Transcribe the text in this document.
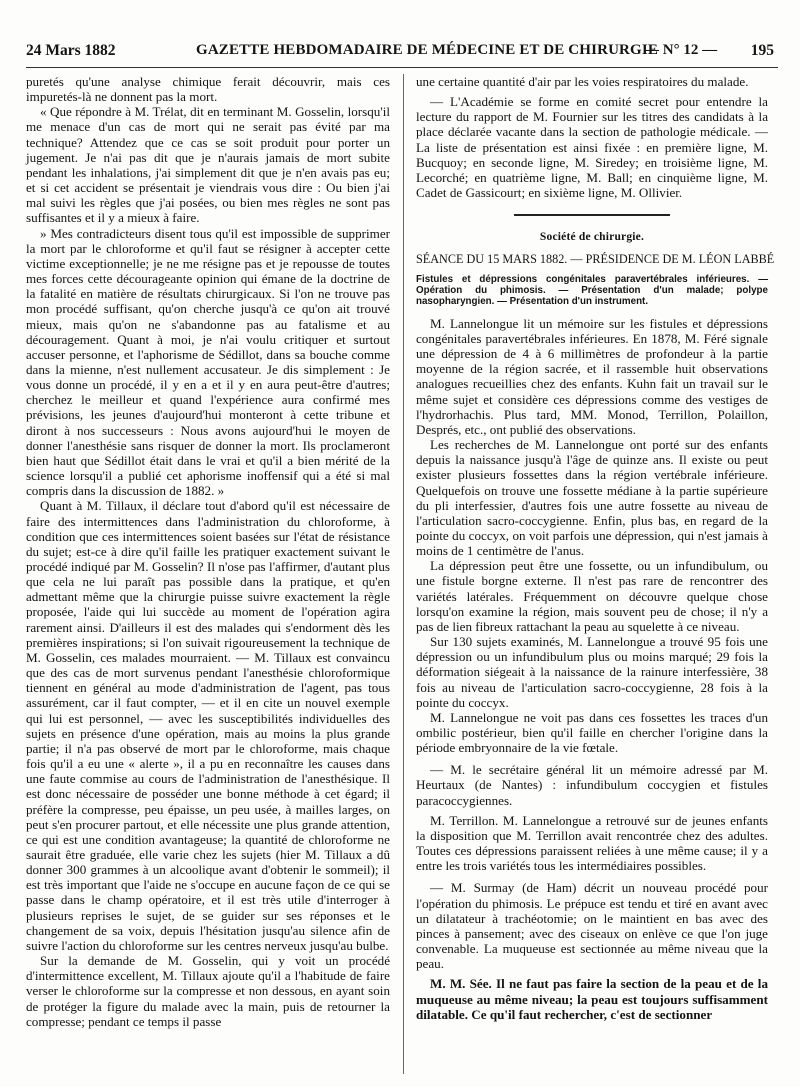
24 Mars 1882	GAZETTE HEBDOMADAIRE DE MÉDECINE ET DE CHIRURGIE
— N° 12 — 195

puretés qu'une analyse chimique ferait découvrir, mais ces impuretés-là ne donnent pas la mort.

« Que répondre à M. Trélat, dit en terminant M. Gosselin, lorsqu'il me menace d'un cas de mort qui ne serait pas évité par ma technique? Attendez que ce cas se soit produit pour porter un jugement. Je n'ai pas dit que je n'aurais jamais de mort subite pendant les inhalations, j'ai simplement dit que je n'en avais pas eu; et si cet accident se présentait je viendrais vous dire : Ou bien j'ai mal suivi les règles que j'ai posées, ou bien mes règles ne sont pas suffisantes et il y a mieux à faire.

» Mes contradicteurs disent tous qu'il est impossible de supprimer la mort par le chloroforme et qu'il faut se résigner à accepter cette victime exceptionnelle; je ne me résigne pas et je repousse de toutes mes forces cette décourageante opinion qui émane de la doctrine de la fatalité en matière de résultats chirurgicaux. Si l'on ne trouve pas mon procédé suffisant, qu'on cherche jusqu'à ce qu'on ait trouvé mieux, mais qu'on ne s'abandonne pas au fatalisme et au découragement. Quant à moi, je n'ai voulu critiquer et surtout accuser personne, et l'aphorisme de Sédillot, dans sa bouche comme dans la mienne, n'est nullement accusateur. Je dis simplement : Je vous donne un procédé, il y en a et il y en aura peut-être d'autres; cherchez le meilleur et quand l'expérience aura confirmé mes prévisions, les jeunes d'aujourd'hui monteront à cette tribune et diront à nos successeurs : Nous avons aujourd'hui le moyen de donner l'anesthésie sans risquer de donner la mort. Ils proclameront bien haut que Sédillot était dans le vrai et qu'il a bien mérité de la science lorsqu'il a publié cet aphorisme inoffensif qui a été si mal compris dans la discussion de 1882. »

Quant à M. Tillaux, il déclare tout d'abord qu'il est nécessaire de faire des intermittences dans l'administration du chloroforme, à condition que ces intermittences soient basées sur l'état de résistance du sujet; est-ce à dire qu'il faille les pratiquer exactement suivant le procédé indiqué par M. Gosselin? Il n'ose pas l'affirmer, d'autant plus que cela ne lui paraît pas possible dans la pratique, et qu'en admettant même que la chirurgie puisse suivre exactement la règle proposée, l'aide qui lui succède au moment de l'opération agira rarement ainsi. D'ailleurs il est des malades qui s'endorment dès les premières inspirations; si l'on suivait rigoureusement la technique de M. Gosselin, ces malades mourraient. — M. Tillaux est convaincu que des cas de mort survenus pendant l'anesthésie chloroformique tiennent en général au mode d'administration de l'agent, pas tous assurément, car il faut compter, — et il en cite un nouvel exemple qui lui est personnel, — avec les susceptibilités individuelles des sujets en présence d'une opération, mais au moins la plus grande partie; il n'a pas observé de mort par le chloroforme, mais chaque fois qu'il a eu une « alerte », il a pu en reconnaître les causes dans une faute commise au cours de l'administration de l'anesthésique. Il est donc nécessaire de posséder une bonne méthode à cet égard; il préfère la compresse, peu épaisse, un peu usée, à mailles larges, on peut s'en procurer partout, et elle nécessite une plus grande attention, ce qui est une condition avantageuse; la quantité de chloroforme ne saurait être graduée, elle varie chez les sujets (hier M. Tillaux a dû donner 300 grammes à un alcoolique avant d'obtenir le sommeil); il est très important que l'aide ne s'occupe en aucune façon de ce qui se passe dans le champ opératoire, et il est très utile d'interroger à plusieurs reprises le sujet, de se guider sur ses réponses et le changement de sa voix, depuis l'hésitation jusqu'au silence afin de suivre l'action du chloroforme sur les centres nerveux jusqu'au bulbe.

Sur la demande de M. Gosselin, qui y voit un procédé d'intermittence excellent, M. Tillaux ajoute qu'il a l'habitude de faire verser le chloroforme sur la compresse et non dessous, en ayant soin de protéger la figure du malade avec la main, puis de retourner la compresse; pendant ce temps il passe

une certaine quantité d'air par les voies respiratoires du malade.

— L'Académie se forme en comité secret pour entendre la lecture du rapport de M. Fournier sur les titres des candidats à la place déclarée vacante dans la section de pathologie médicale. — La liste de présentation est ainsi fixée : en première ligne, M. Bucquoy; en seconde ligne, M. Siredey; en troisième ligne, M. Lecorché; en quatrième ligne, M. Ball; en cinquième ligne, M. Cadet de Gassicourt; en sixième ligne, M. Ollivier.

Société de chirurgie.
SÉANCE DU 15 MARS 1882. — PRÉSIDENCE DE M. LÉON LABBÉ
Fistules et dépressions congénitales paravertébrales inférieures. — Opération du phimosis. — Présentation d'un malade; polype nasopharyngien. — Présentation d'un instrument.

M. Lannelongue lit un mémoire sur les fistules et dépressions congénitales paravertébrales inférieures. En 1878, M. Féré signale une dépression de 4 à 6 millimètres de profondeur à la partie moyenne de la région sacrée, et il rassemble huit observations analogues recueillies chez des enfants. Kuhn fait un travail sur le même sujet et considère ces dépressions comme des vestiges de l'hydrorhachis. Plus tard, MM. Monod, Terrillon, Polaillon, Després, etc., ont publié des observations.

Les recherches de M. Lannelongue ont porté sur des enfants depuis la naissance jusqu'à l'âge de quinze ans. Il existe ou peut exister plusieurs fossettes dans la région vertébrale inférieure. Quelquefois on trouve une fossette médiane à la partie supérieure du pli interfessier, d'autres fois une autre fossette au niveau de l'articulation sacro-coccygienne. Enfin, plus bas, en regard de la pointe du coccyx, on voit parfois une dépression, qui n'est jamais à moins de 1 centimètre de l'anus.

La dépression peut être une fossette, ou un infundibulum, ou une fistule borgne externe. Il n'est pas rare de rencontrer des variétés latérales. Fréquemment on découvre quelque chose lorsqu'on examine la région, mais souvent peu de chose; il n'y a pas de lien fibreux rattachant la peau au squelette à ce niveau.

Sur 130 sujets examinés, M. Lannelongue a trouvé 95 fois une dépression ou un infundibulum plus ou moins marqué; 29 fois la déformation siégeait à la naissance de la rainure interfessière, 38 fois au niveau de l'articulation sacro-coccygienne, 28 fois à la pointe du coccyx.

M. Lannelongue ne voit pas dans ces fossettes les traces d'un ombilic postérieur, bien qu'il faille en chercher l'origine dans la période embryonnaire de la vie fœtale.

— M. le secrétaire général lit un mémoire adressé par M. Heurtaux (de Nantes) : infundibulum coccygien et fistules paracoccygiennes.

M. Terrillon. M. Lannelongue a retrouvé sur de jeunes enfants la disposition que M. Terrillon avait rencontrée chez des adultes. Toutes ces dépressions paraissent reliées à une même cause; il y a entre les trois variétés tous les intermédiaires possibles.

— M. Surmay (de Ham) décrit un nouveau procédé pour l'opération du phimosis. Le prépuce est tendu et tiré en avant avec un dilatateur à trachéotomie; on le maintient en bas avec des pinces à pansement; avec des ciseaux on enlève ce que l'on juge convenable. La muqueuse est sectionnée au même niveau que la peau.

M. M. Sée. Il ne faut pas faire la section de la peau et de la muqueuse au même niveau; la peau est toujours suffisamment dilatable. Ce qu'il faut rechercher, c'est de sectionner
